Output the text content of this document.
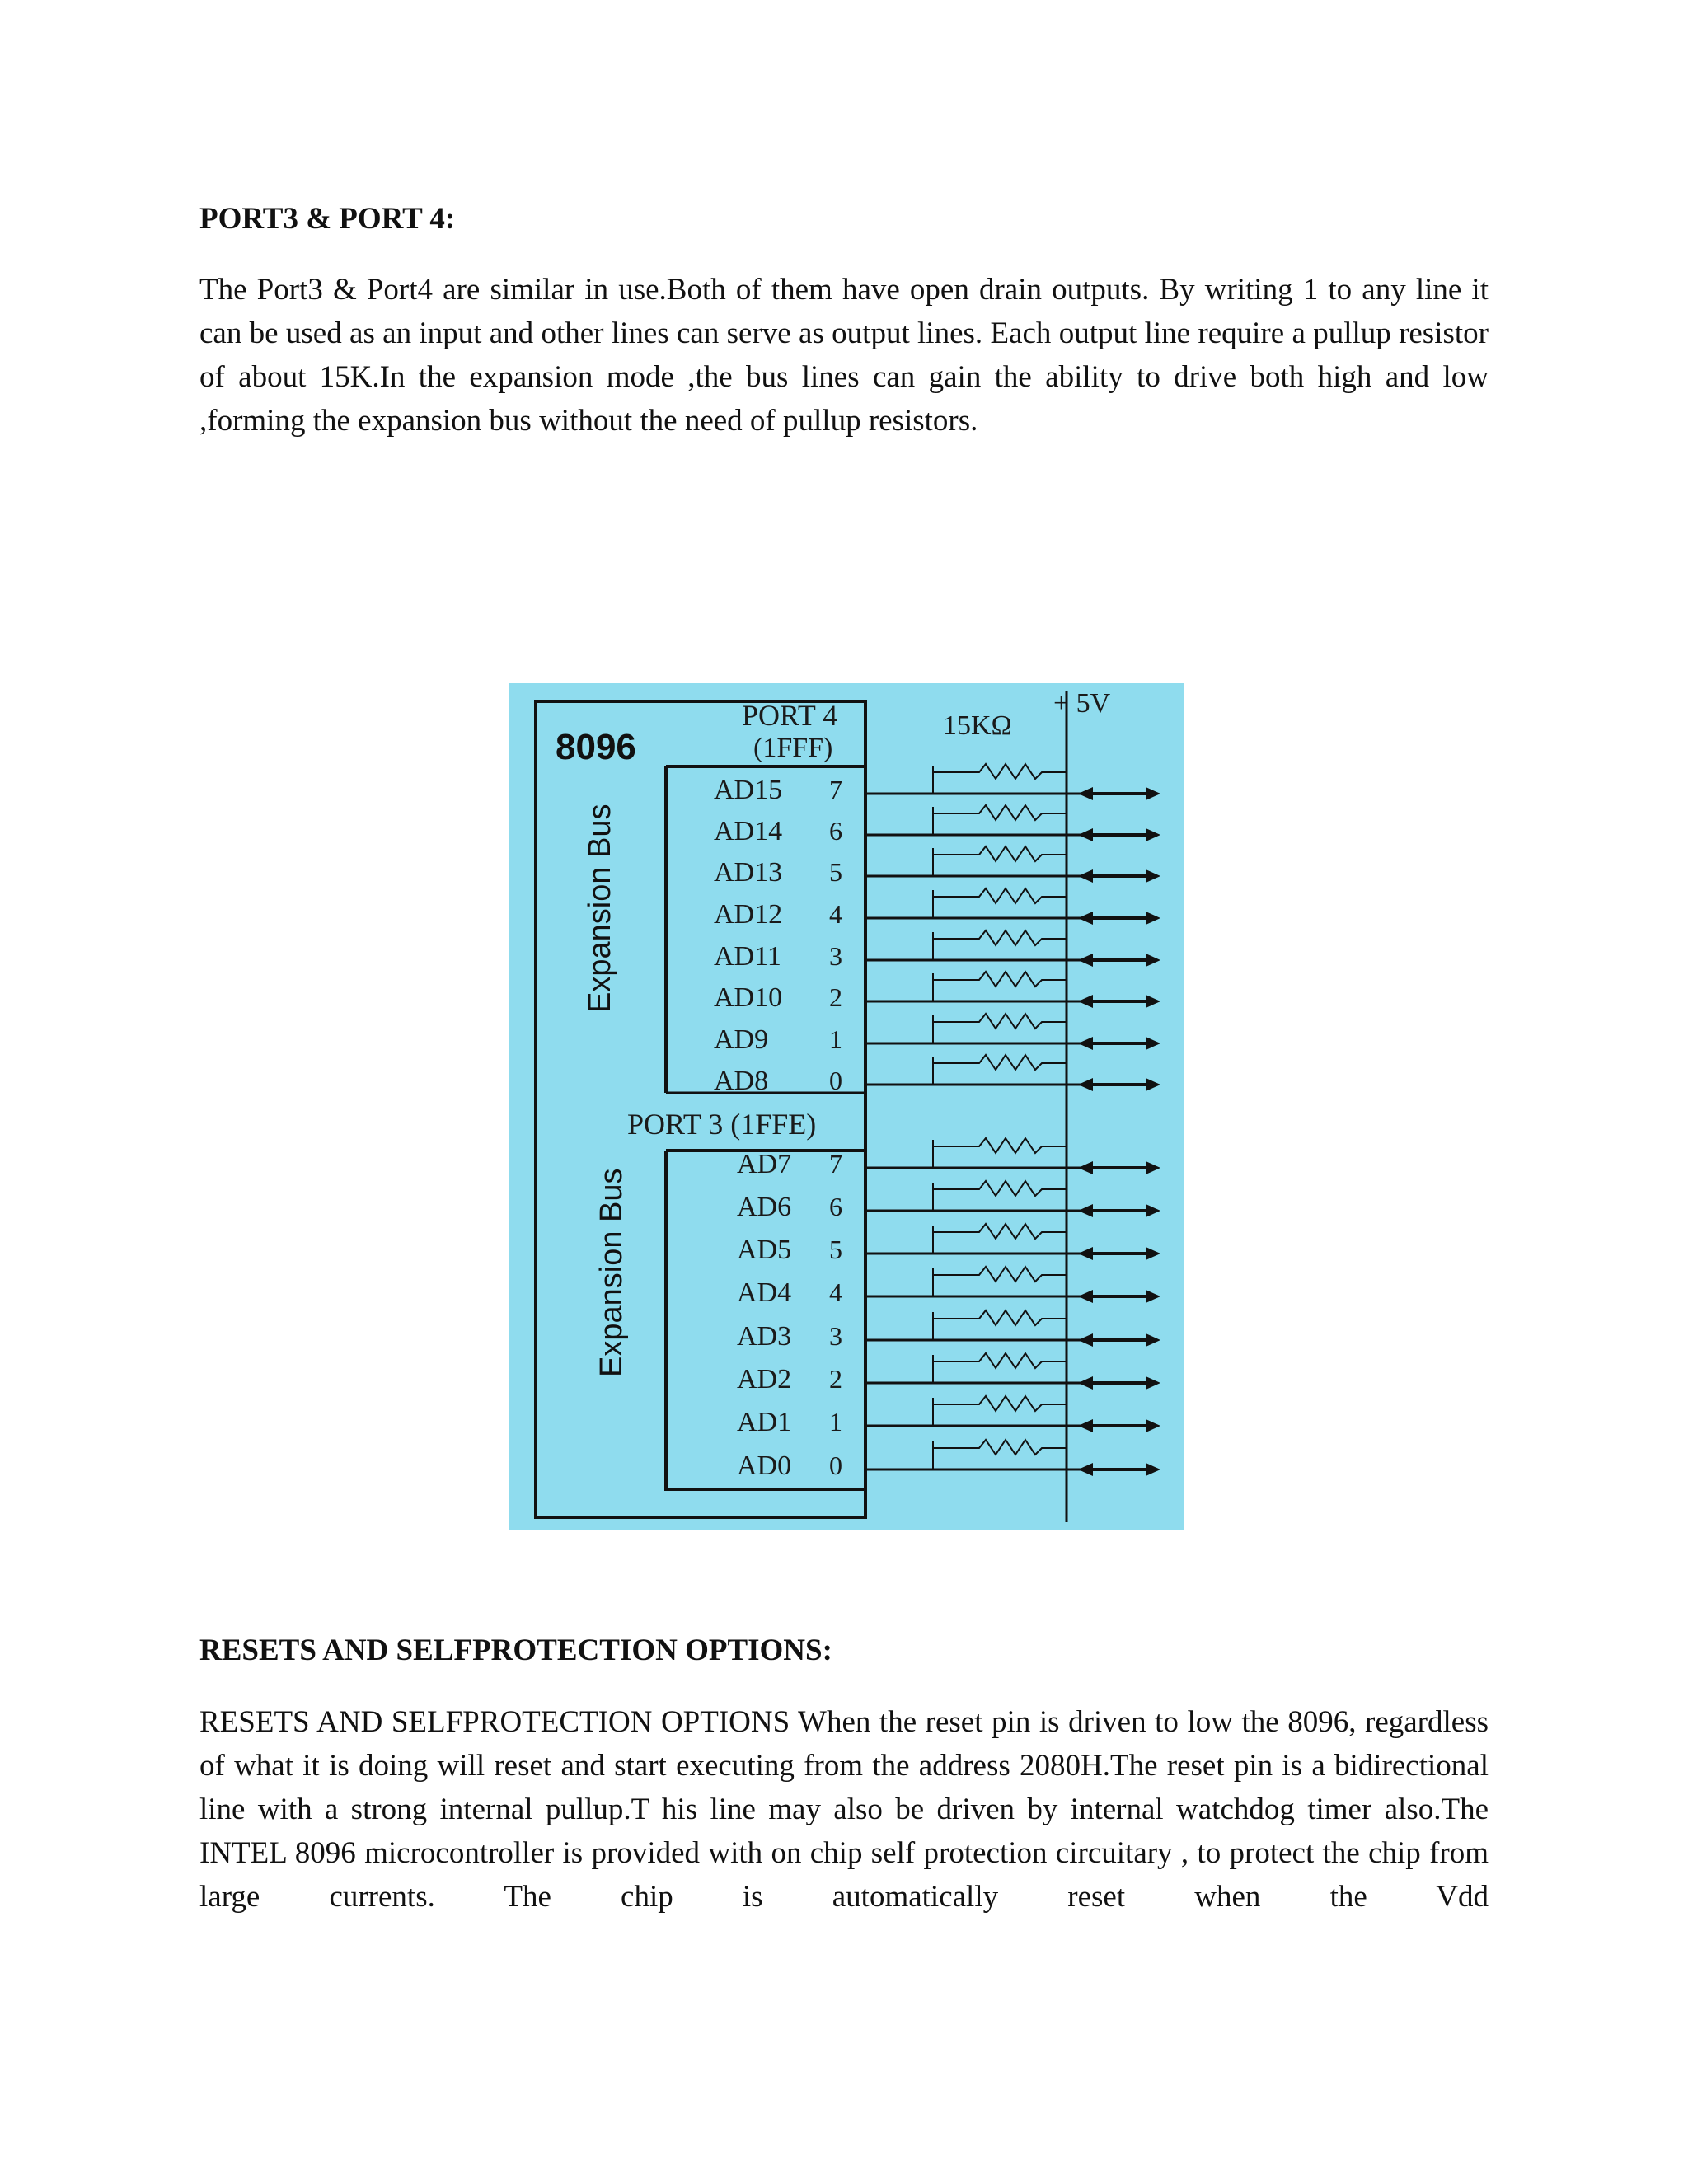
PORT3 & PORT 4:

The Port3 & Port4 are similar in use.Both of them have open drain outputs. By writing 1 to any line it can be used as an input and other lines can serve as output lines. Each output line require a pullup resistor of about 15K.In the expansion mode ,the bus lines can gain the ability to drive both high and low ,forming the expansion bus without the need of pullup resistors.

8096
Expansion Bus
Expansion Bus
PORT 4
(1FFF)
PORT 3 (1FFE)
15KΩ
+ 5V
AD15 7
AD14 6
AD13 5
AD12 4
AD11 3
AD10 2
AD9 1
AD8 0
AD7 7
AD6 6
AD5 5
AD4 4
AD3 3
AD2 2
AD1 1
AD0 0
RESETS AND SELFPROTECTION OPTIONS:

RESETS AND SELFPROTECTION OPTIONS When the reset pin is driven to low the 8096, regardless of what it is doing will reset and start executing from the address 2080H.The reset pin is a bidirectional line with a strong internal pullup.T his line may also be driven by internal watchdog timer also.The INTEL 8096 microcontroller is provided with on chip self protection circuitary , to protect the chip from large currents. The chip is automatically reset when the Vdd
